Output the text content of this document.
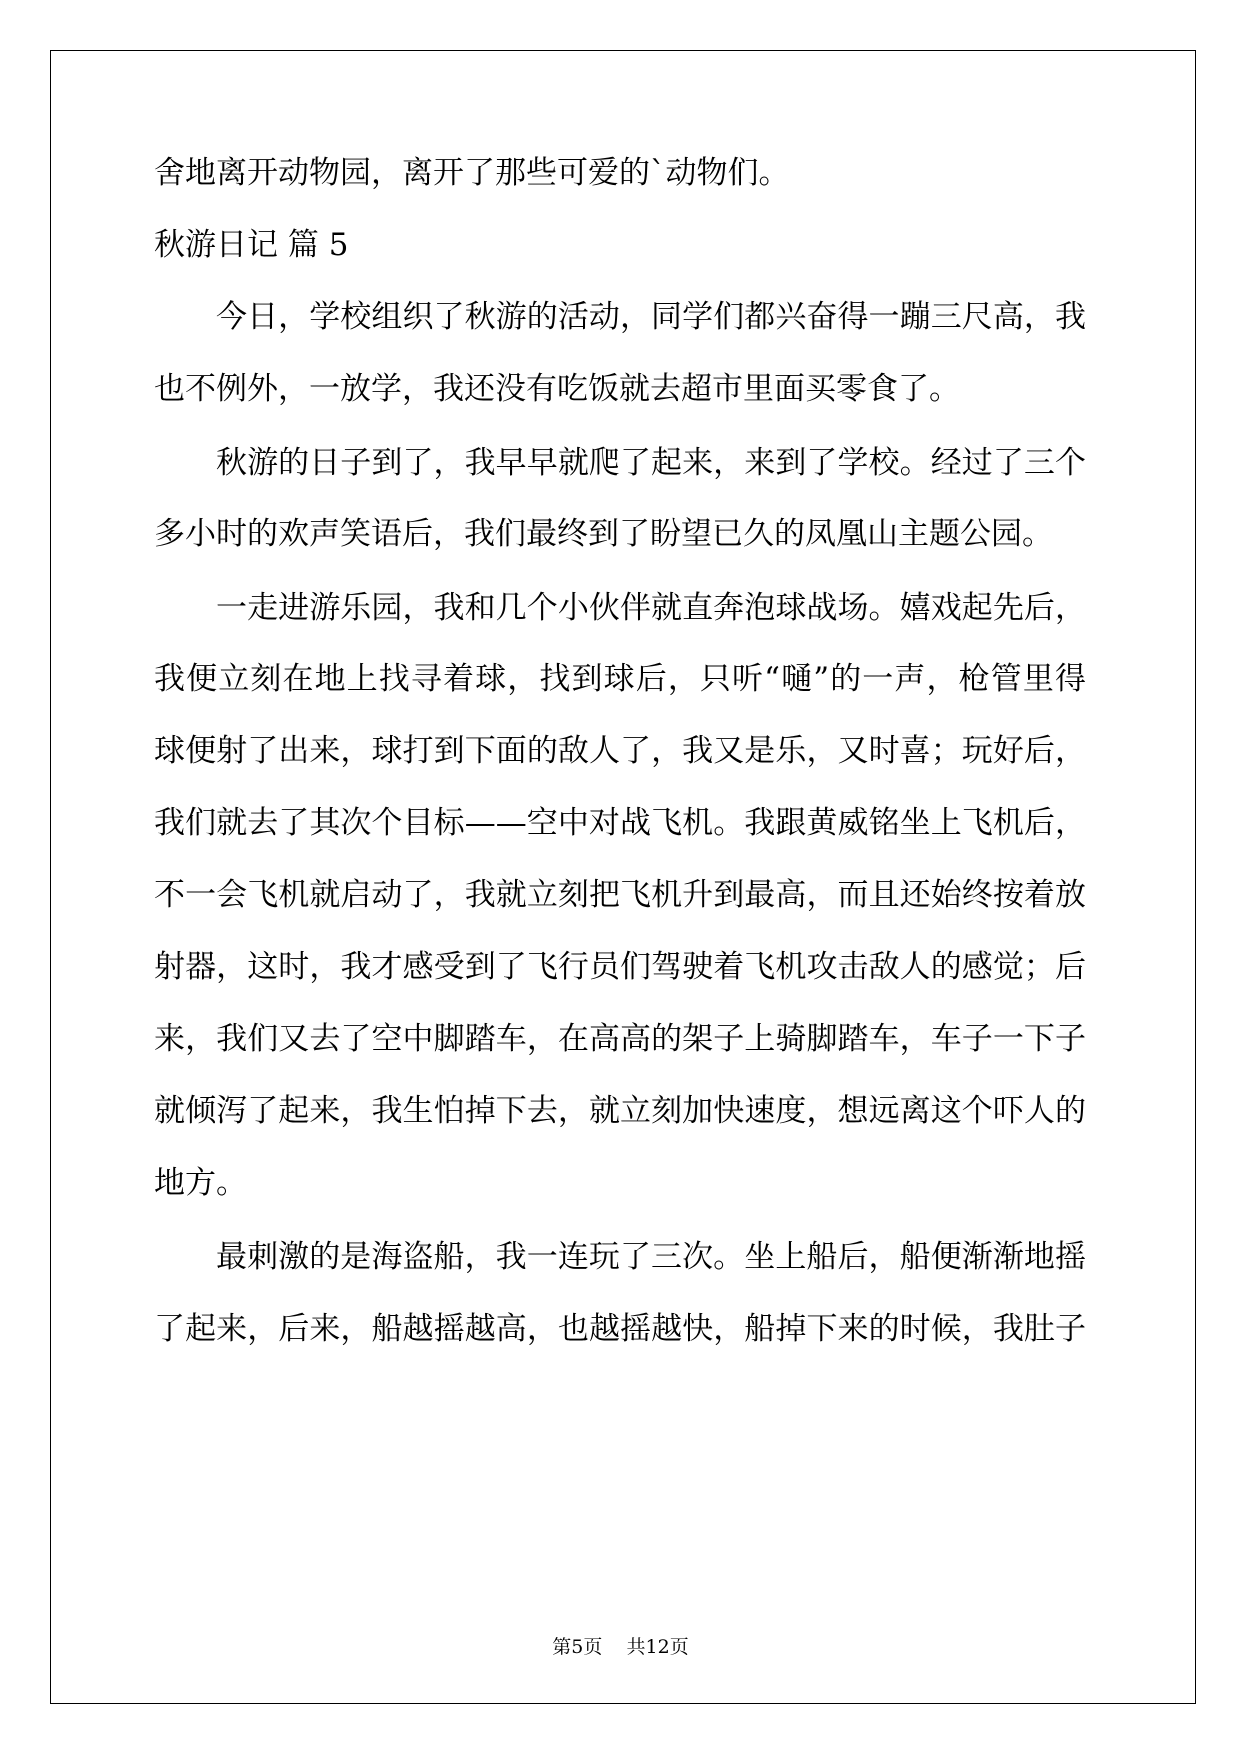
舍地离开动物园，离开了那些可爱的`动物们。
秋游日记 篇 5
今日，学校组织了秋游的活动，同学们都兴奋得一蹦三尺高，我
也不例外，一放学，我还没有吃饭就去超市里面买零食了。
秋游的日子到了，我早早就爬了起来，来到了学校。经过了三个
多小时的欢声笑语后，我们最终到了盼望已久的凤凰山主题公园。
一走进游乐园，我和几个小伙伴就直奔泡球战场。嬉戏起先后，
我便立刻在地上找寻着球，找到球后，只听“嗵”的一声，枪管里得
球便射了出来，球打到下面的敌人了，我又是乐，又时喜；玩好后，
我们就去了其次个目标——空中对战飞机。我跟黄威铭坐上飞机后，
不一会飞机就启动了，我就立刻把飞机升到最高，而且还始终按着放
射器，这时，我才感受到了飞行员们驾驶着飞机攻击敌人的感觉；后
来，我们又去了空中脚踏车，在高高的架子上骑脚踏车，车子一下子
就倾泻了起来，我生怕掉下去，就立刻加快速度，想远离这个吓人的
地方。
最刺激的是海盗船，我一连玩了三次。坐上船后，船便渐渐地摇
了起来，后来，船越摇越高，也越摇越快，船掉下来的时候，我肚子
第5页    共12页
